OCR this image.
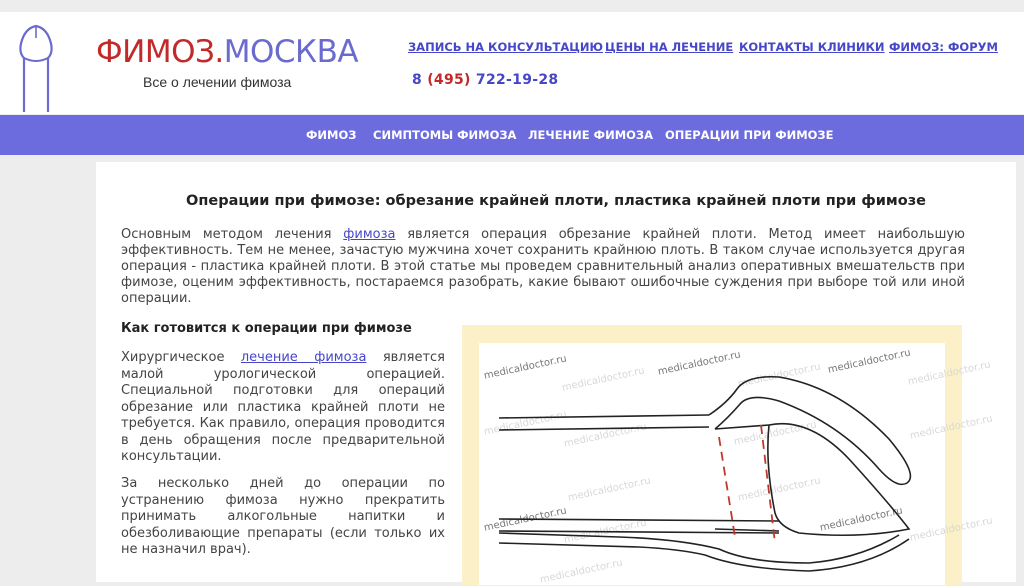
ФИМОЗ.МОСКВА
Все о лечении фимоза
ЗАПИСЬ НА КОНСУЛЬТАЦИЮ ЦЕНЫ НА ЛЕЧЕНИЕ КОНТАКТЫ КЛИНИКИ ФИМОЗ: ФОРУМ
8 (495) 722-19-28
ФИМОЗ СИМПТОМЫ ФИМОЗА ЛЕЧЕНИЕ ФИМОЗА ОПЕРАЦИИ ПРИ ФИМОЗЕ
Операции при фимозе: обрезание крайней плоти, пластика крайней плоти при фимозе

Основным методом лечения фимоза является операция обрезание крайней плоти. Метод имеет наибольшую эффективность. Тем не менее, зачастую мужчина хочет сохранить крайнюю плоть. В таком случае используется другая операция - пластика крайней плоти. В этой статье мы проведем сравнительный анализ оперативных вмешательств при фимозе, оценим эффективность, постараемся разобрать, какие бывают ошибочные суждения при выборе той или иной операции.

Как готовится к операции при фимозе

Хирургическое лечение фимоза является малой урологической операцией. Специальной подготовки для операций обрезание или пластика крайней плоти не требуется. Как правило, операция проводится в день обращения после предварительной консультации.

За несколько дней до операции по устранению фимоза нужно прекратить принимать алкогольные напитки и обезболивающие препараты (если только их не назначил врач).

medicaldoctor.ru
medicaldoctor.ru
medicaldoctor.ru
medicaldoctor.ru medicaldoctor.ru
medicaldoctor.ru
medicaldoctor.ru
medicaldoctor.ru	medicaldoctor.ru	medicaldoctor.ru
medicaldoctor.ru	medicaldoctor.ru
medicaldoctor.ru
medicaldoctor.ru	medicaldoctor.ru medicaldoctor.ru
medicaldoctor.ru
